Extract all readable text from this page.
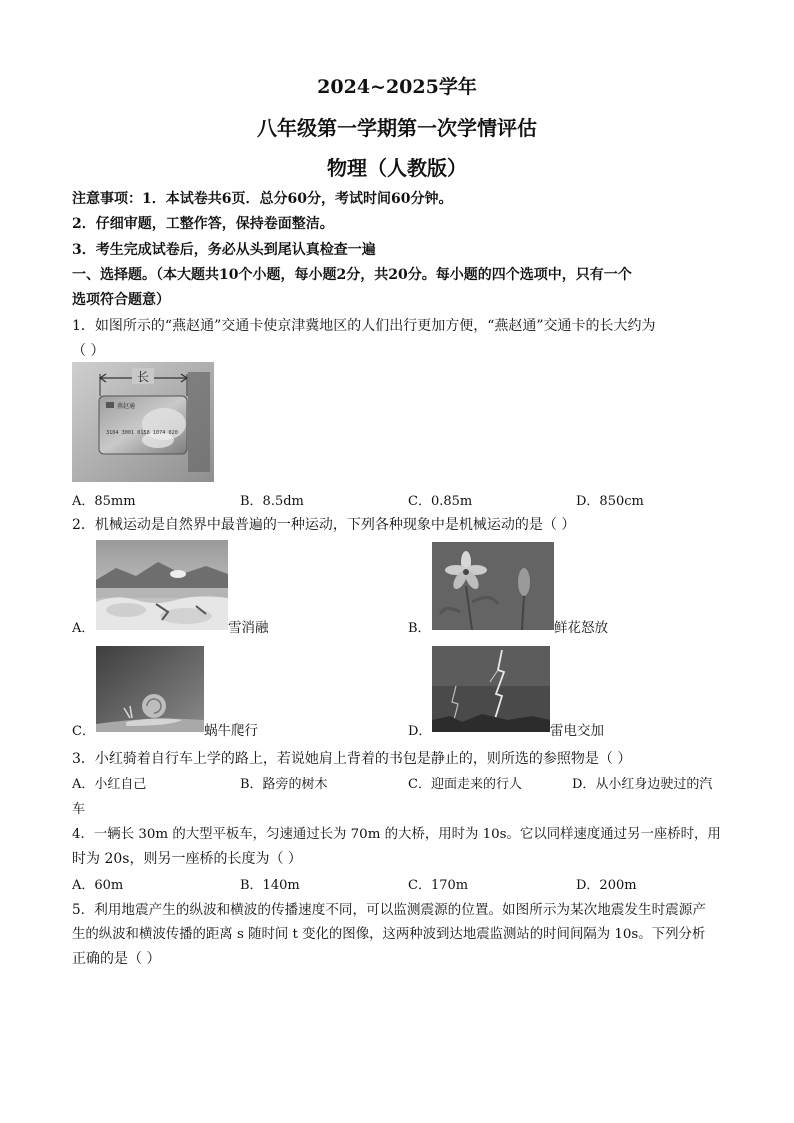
2024~2025学年
八年级第一学期第一次学情评估
物理（人教版）
注意事项：1．本试卷共6页．总分60分，考试时间60分钟。
2．仔细审题，工整作答，保持卷面整洁。
3．考生完成试卷后，务必从头到尾认真检查一遍
一、选择题。（本大题共10个小题，每小题2分，共20分。每小题的四个选项中，只有一个
选项符合题意）
1．如图所示的“燕赵通”交通卡使京津冀地区的人们出行更加方便，“燕赵通”交通卡的长大约为
（ ）
长
燕赵通
3104 3001 0158 1074 020
A．85mm	B．8.5dm	C．0.85m	D．850cm
2．机械运动是自然界中最普遍的一种运动，下列各种现象中是机械运动的是（ ）
A．	雪消融	B．	鲜花怒放
C．	蜗牛爬行	D．	雷电交加
3．小红骑着自行车上学的路上，若说她肩上背着的书包是静止的，则所选的参照物是（ ）
A．小红自己	B．路旁的树木	C．迎面走来的行人	D．从小红身边驶过的汽
车
4．一辆长 30m 的大型平板车，匀速通过长为 70m 的大桥，用时为 10s。它以同样速度通过另一座桥时，用
时为 20s，则另一座桥的长度为（ ）
A．60m	B．140m	C．170m	D．200m
5．利用地震产生的纵波和横波的传播速度不同，可以监测震源的位置。如图所示为某次地震发生时震源产
生的纵波和横波传播的距离 s 随时间 t 变化的图像，这两种波到达地震监测站的时间间隔为 10s。下列分析
正确的是（ ）
